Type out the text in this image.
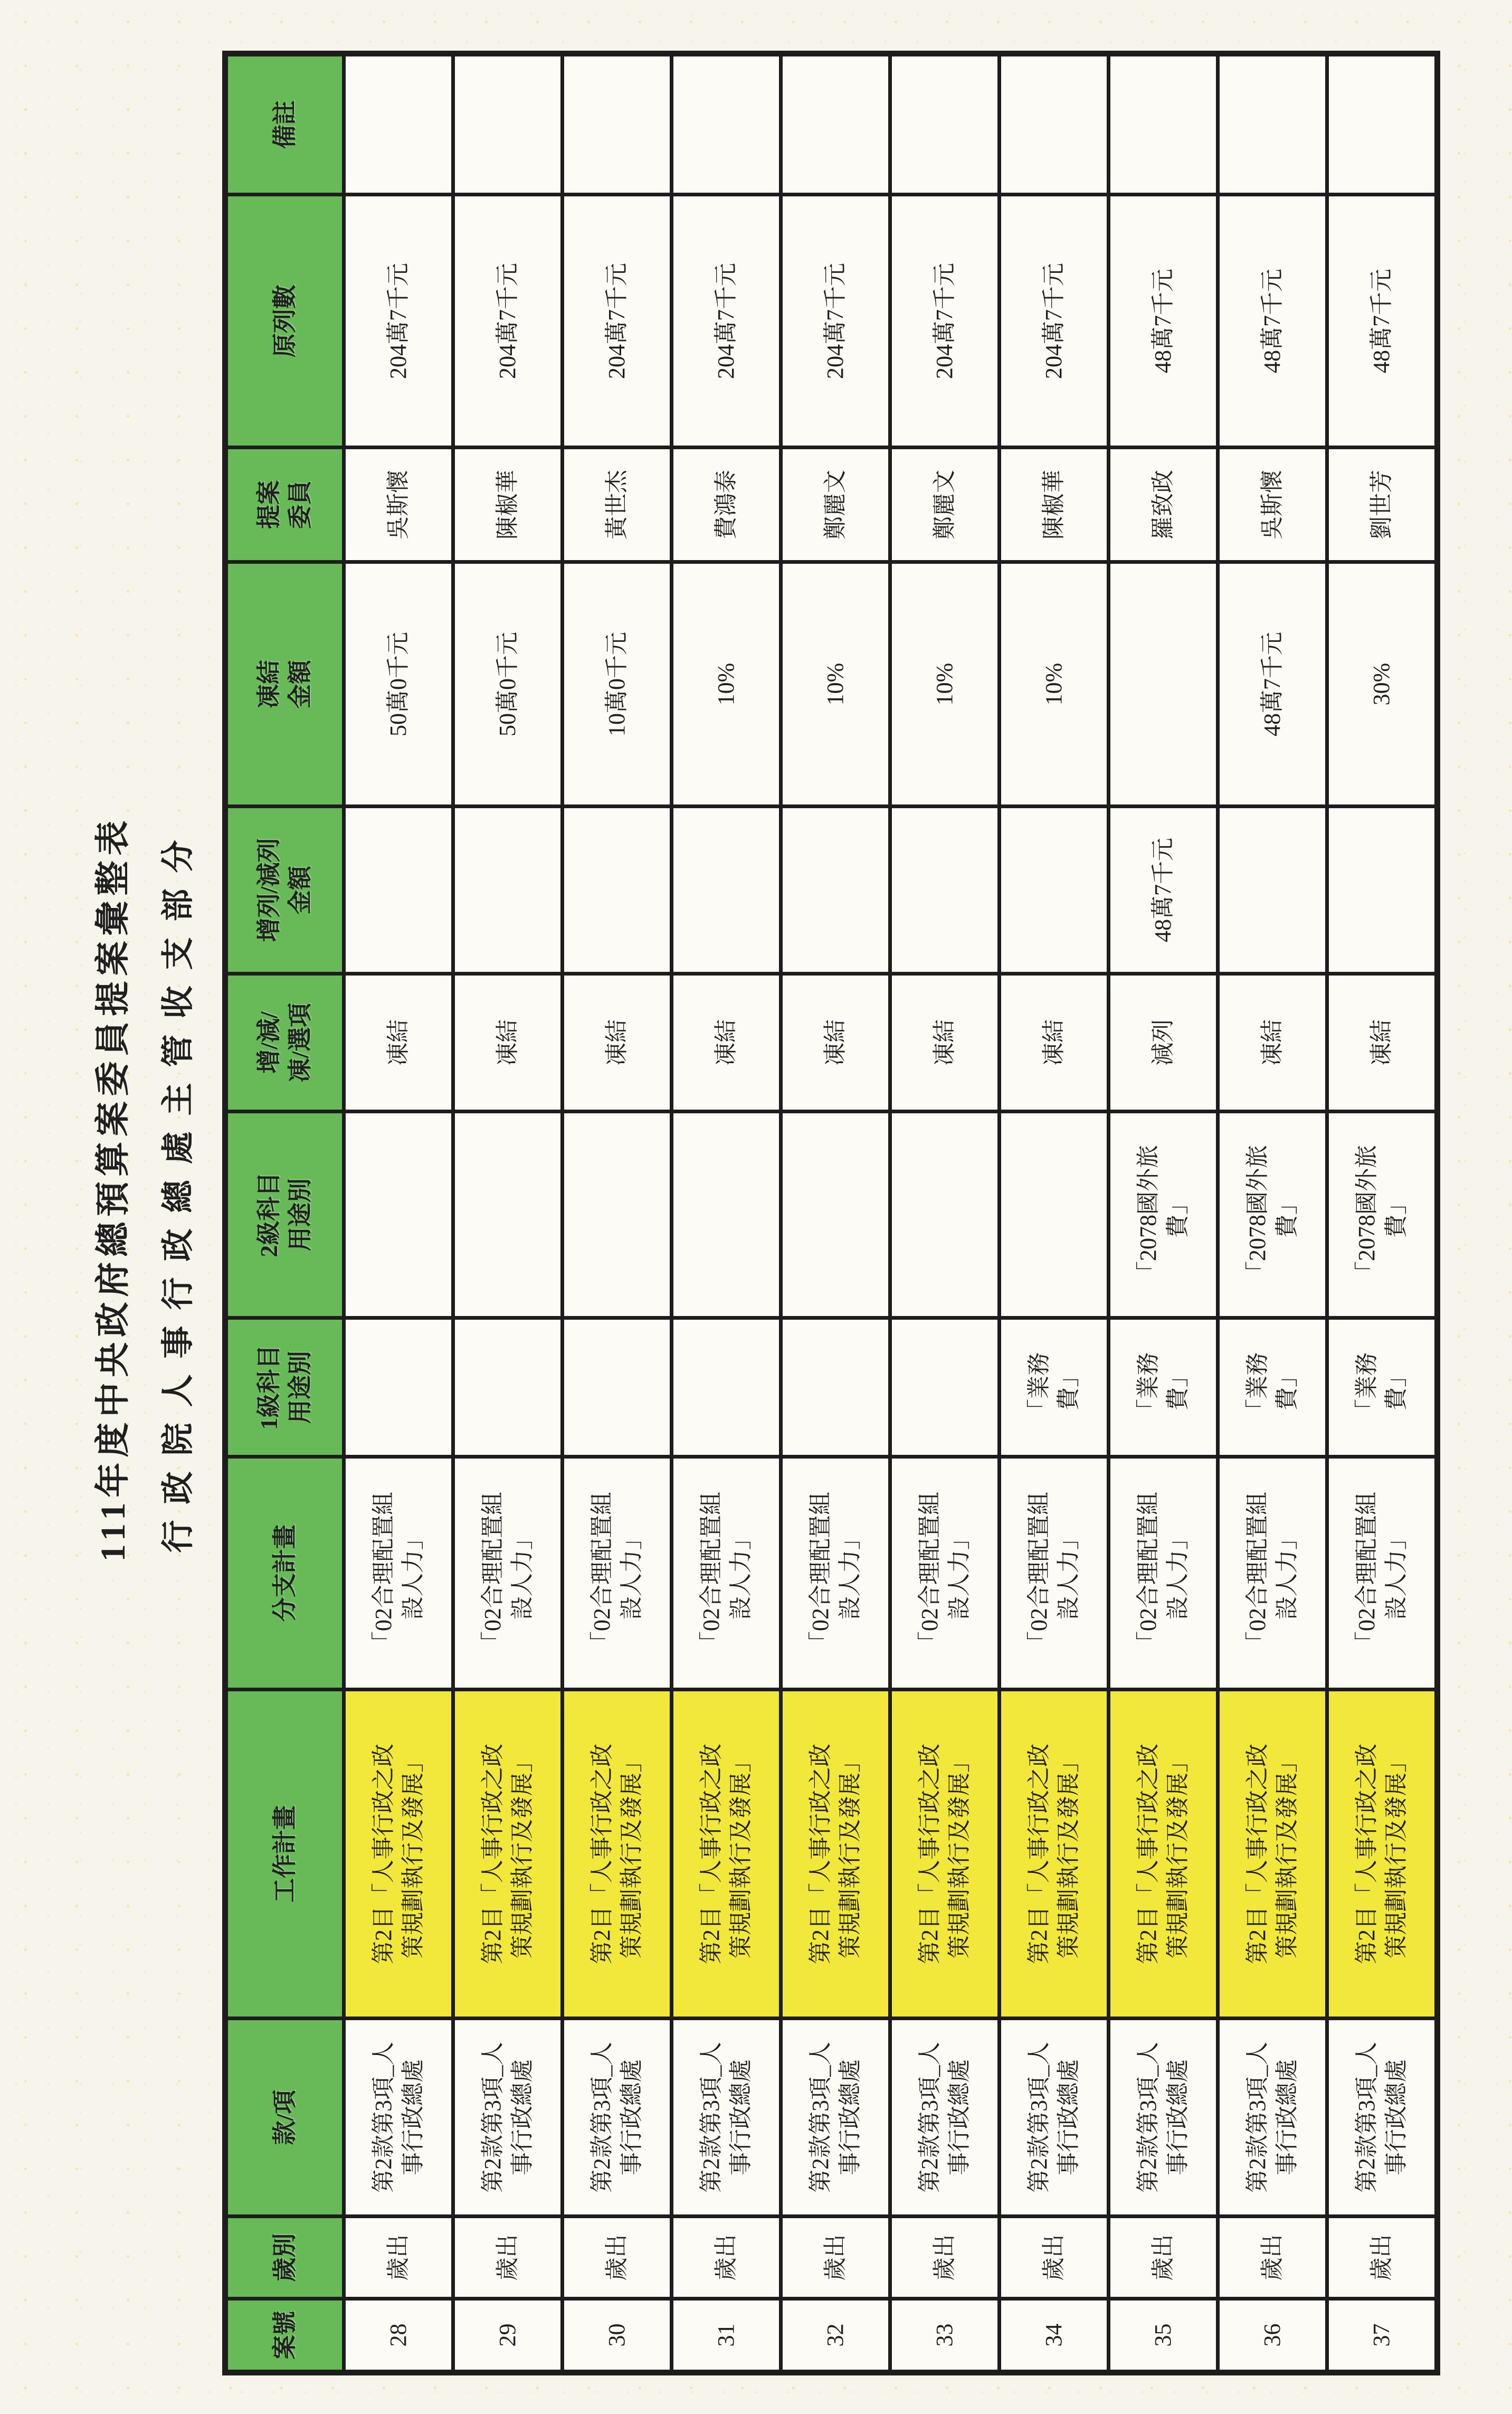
111年度中央政府總預算案委員提案彙整表 行政院人事行政總處主管收支部分
案號
歲別
款/項
工作計畫
分支計畫
1級科目
用途別
2級科目
用途別
增/減/
凍/選項
增列/減列
金額
凍結
金額
提案
委員
原列數
備註
28
歲出
第2款第3項_人
事行政總處
第2目「人事行政之政
策規劃執行及發展」
「02合理配置組
設人力」
凍結
50萬0千元
吳斯懷
204萬7千元
29
歲出
第2款第3項_人
事行政總處
第2目「人事行政之政
策規劃執行及發展」
「02合理配置組
設人力」
凍結
50萬0千元
陳椒華
204萬7千元
30
歲出
第2款第3項_人
事行政總處
第2目「人事行政之政
策規劃執行及發展」
「02合理配置組
設人力」
凍結
10萬0千元
黃世杰
204萬7千元
31
歲出
第2款第3項_人
事行政總處
第2目「人事行政之政
策規劃執行及發展」
「02合理配置組
設人力」
凍結
10%
費鴻泰
204萬7千元
32
歲出
第2款第3項_人
事行政總處
第2目「人事行政之政
策規劃執行及發展」
「02合理配置組
設人力」
凍結
10%
鄭麗文
204萬7千元
33
歲出
第2款第3項_人
事行政總處
第2目「人事行政之政
策規劃執行及發展」
「02合理配置組
設人力」
凍結
10%
鄭麗文
204萬7千元
34
歲出
第2款第3項_人
事行政總處
第2目「人事行政之政
策規劃執行及發展」
「02合理配置組
設人力」
「業務
費」
凍結
10%
陳椒華
204萬7千元
35
歲出
第2款第3項_人
事行政總處
第2目「人事行政之政
策規劃執行及發展」
「02合理配置組
設人力」
「業務
費」
「2078國外旅
費」
減列
48萬7千元
羅致政
48萬7千元
36
歲出
第2款第3項_人
事行政總處
第2目「人事行政之政
策規劃執行及發展」
「02合理配置組
設人力」
「業務
費」
「2078國外旅
費」
凍結
48萬7千元
吳斯懷
48萬7千元
37
歲出
第2款第3項_人
事行政總處
第2目「人事行政之政
策規劃執行及發展」
「02合理配置組
設人力」
「業務
費」
「2078國外旅
費」
凍結
30%
劉世芳
48萬7千元
